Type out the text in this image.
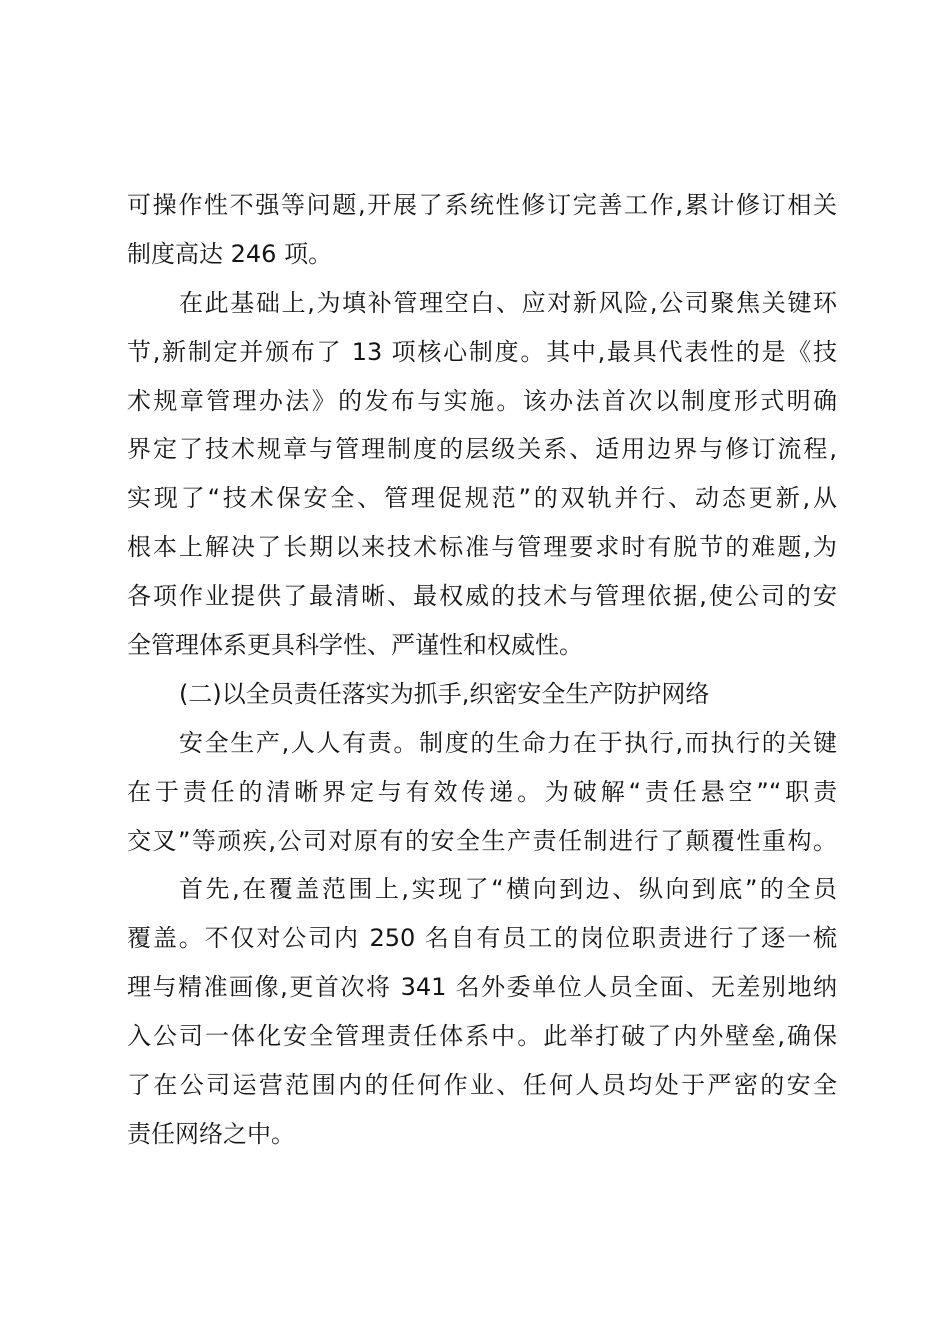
可操作性不强等问题,开展了系统性修订完善工作,累计修订相关
制度高达 246 项。
在此基础上,为填补管理空白、应对新风险,公司聚焦关键环
节,新制定并颁布了 13 项核心制度。其中,最具代表性的是《技
术规章管理办法》的发布与实施。该办法首次以制度形式明确
界定了技术规章与管理制度的层级关系、适用边界与修订流程,
实现了“技术保安全、管理促规范”的双轨并行、动态更新,从
根本上解决了长期以来技术标准与管理要求时有脱节的难题,为
各项作业提供了最清晰、最权威的技术与管理依据,使公司的安
全管理体系更具科学性、严谨性和权威性。
(二)以全员责任落实为抓手,织密安全生产防护网络
安全生产,人人有责。制度的生命力在于执行,而执行的关键
在于责任的清晰界定与有效传递。为破解“责任悬空”“职责
交叉”等顽疾,公司对原有的安全生产责任制进行了颠覆性重构。
首先,在覆盖范围上,实现了“横向到边、纵向到底”的全员
覆盖。不仅对公司内 250 名自有员工的岗位职责进行了逐一梳
理与精准画像,更首次将 341 名外委单位人员全面、无差别地纳
入公司一体化安全管理责任体系中。此举打破了内外壁垒,确保
了在公司运营范围内的任何作业、任何人员均处于严密的安全
责任网络之中。
